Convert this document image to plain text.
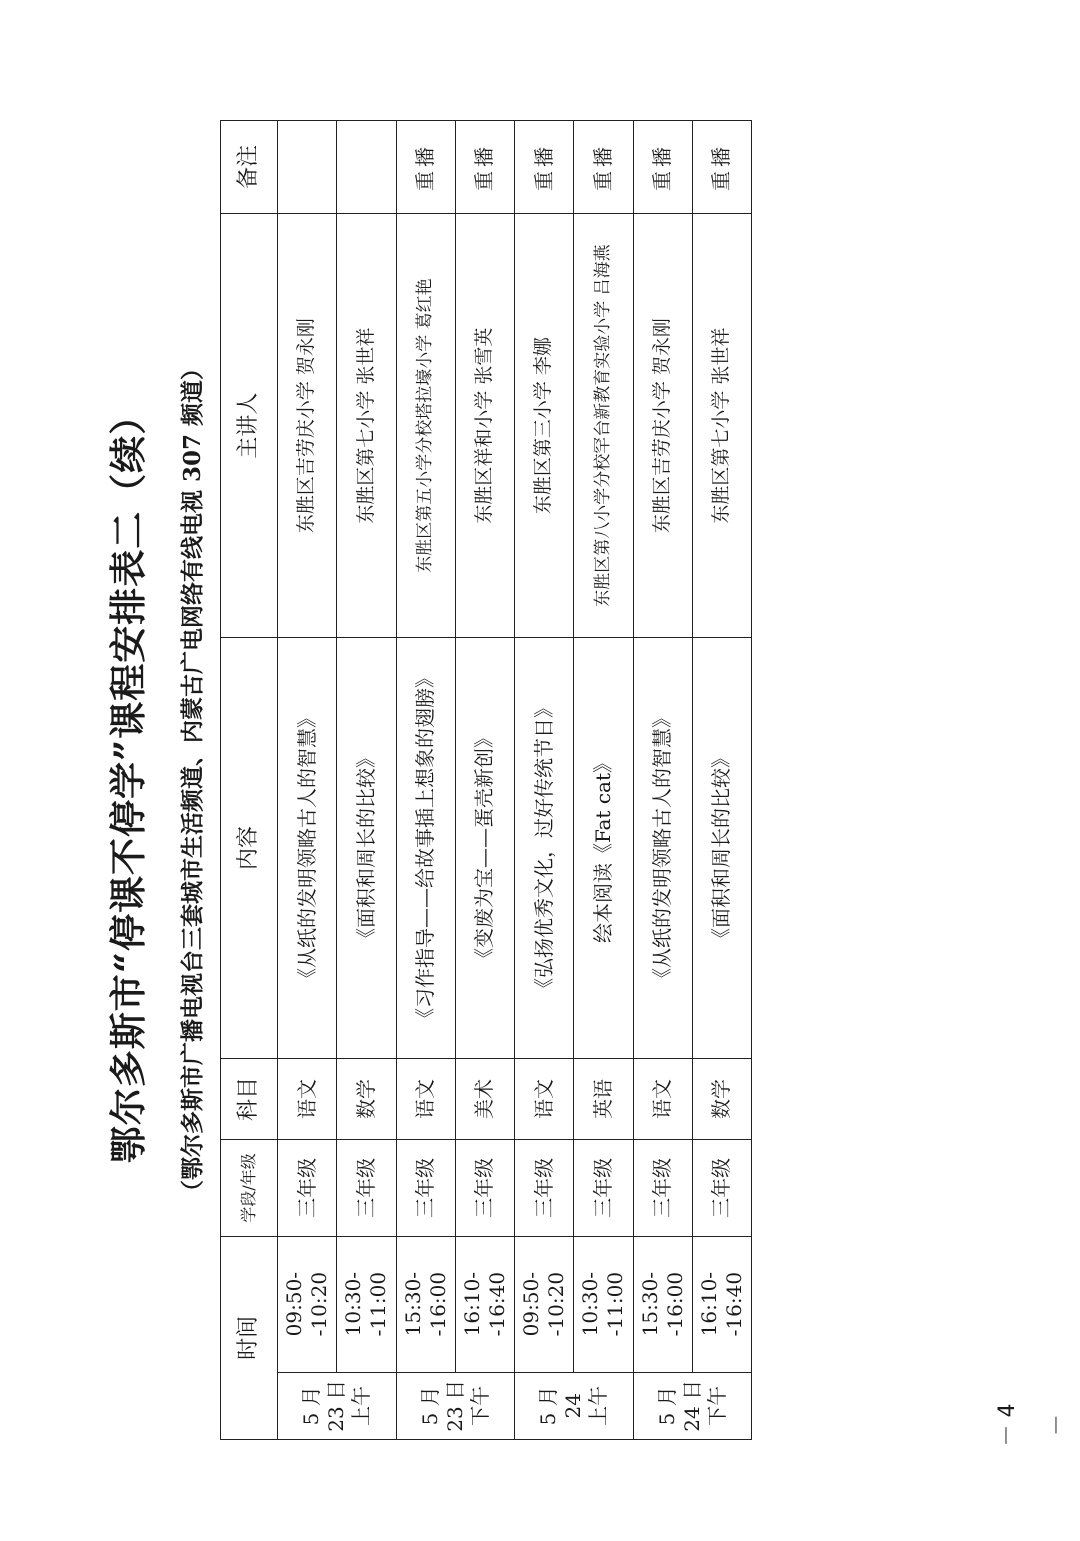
鄂尔多斯市“停课不停学”课程安排表二（续） （鄂尔多斯市广播电视台三套城市生活频道、内蒙古广电网络有线电视 307 频道）
时间		学段/年级	科目	内容	主讲人	备注

5 月 23 日 上午	09:50--10:20	三年级	语文	《从纸的发明领略古人的智慧》	东胜区吉劳庆小学 贺永刚	
	10:30--11:00	三年级	数学	《面积和周长的比较》	东胜区第七小学 张世祥	

5 月 23 日 下午	15:30--16:00	三年级	语文	《习作指导——给故事插上想象的翅膀》	东胜区第五小学分校塔拉壕小学 葛红艳	重播
	16:10--16:40	三年级	美术	《变废为宝——蛋壳新创》	东胜区祥和小学 张雪英	重播

5 月 24 上午	09:50--10:20	三年级	语文	《弘扬优秀文化，过好传统节日》	东胜区第三小学 李娜	重播
	10:30--11:00	三年级	英语	绘本阅读《Fat cat》	东胜区第八小学分校罕台新教育实验小学 吕海燕	重播

5 月 24 日 下午	15:30--16:00	三年级	语文	《从纸的发明领略古人的智慧》	东胜区吉劳庆小学 贺永刚	重播
	16:10--16:40	三年级	数学	《面积和周长的比较》	东胜区第七小学 张世祥	重播
－ 4 －
